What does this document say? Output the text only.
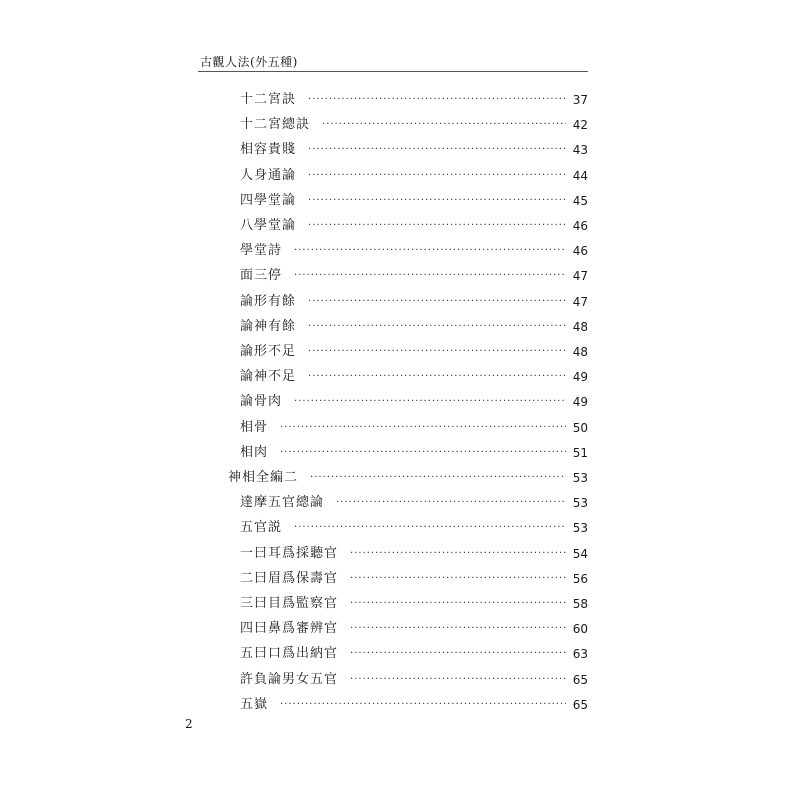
古觀人法(外五種)
十二宮訣 ·····	37
十二宮總訣 ·····	42
相容貴賤 ·····	43
人身通論 ·····	44
四學堂論 ·····	45
八學堂論 ·····	46
學堂詩 ·····	46
面三停 ·····	47
論形有餘 ·····	47
論神有餘 ·····	48
論形不足 ·····	48
論神不足 ·····	49
論骨肉 ·····	49
相骨 ·····	50
相肉 ·····	51
神相全編二 ·····	53
達摩五官總論 ·····	53
五官説 ·····	53
一曰耳爲採聽官 ·····	54
二曰眉爲保壽官 ·····	56
三曰目爲監察官 ·····	58
四曰鼻爲審辨官 ·····	60
五曰口爲出納官 ·····	63
許負論男女五官 ·····	65
五嶽 ·····	65
2
